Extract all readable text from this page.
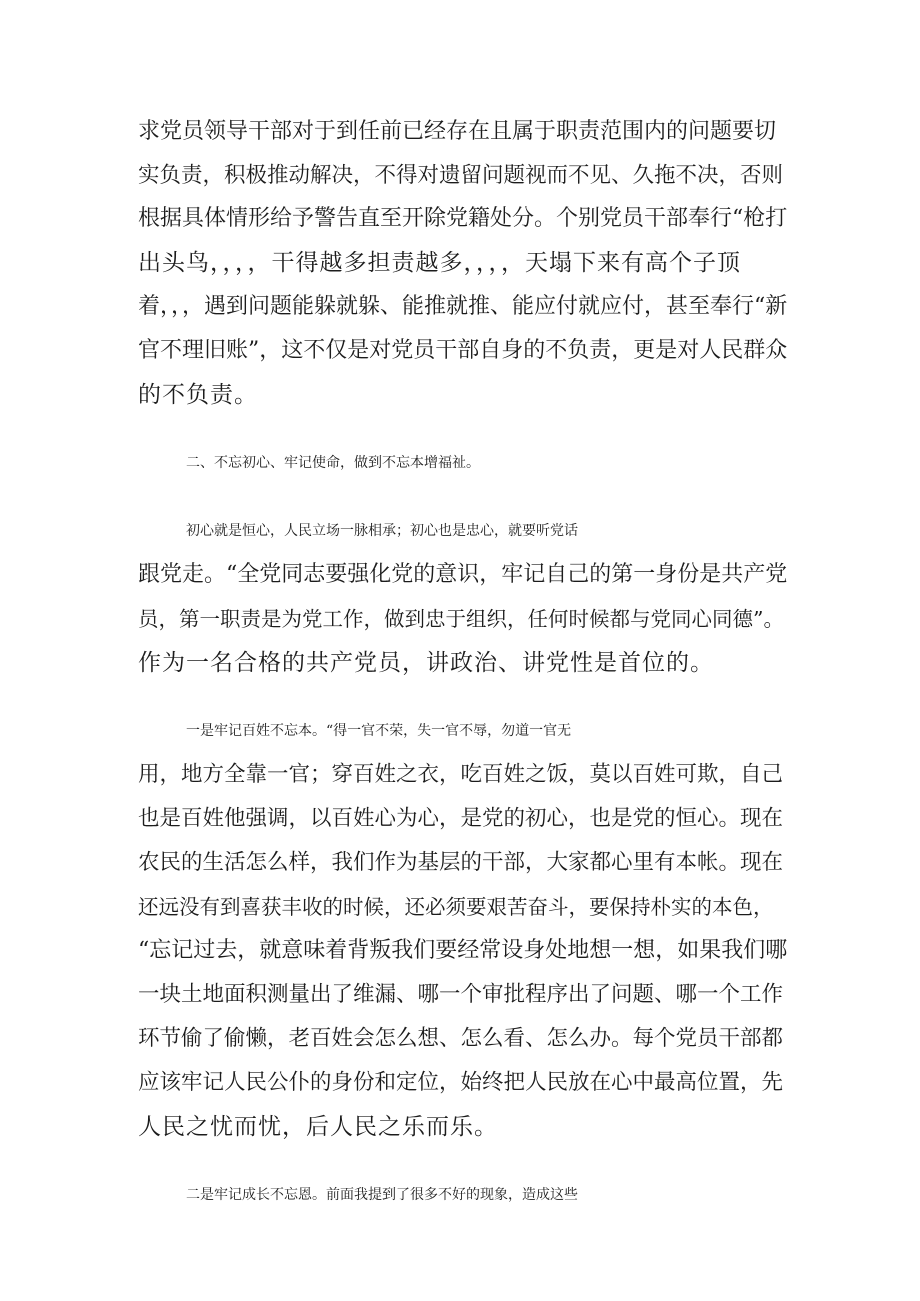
求党员领导干部对于到任前已经存在且属于职责范围内的问题要切

实负责，积极推动解决，不得对遗留问题视而不见、久拖不决，否则

根据具体情形给予警告直至开除党籍处分。个别党员干部奉行“枪打

出头鸟，，，，干得越多担责越多，，，，天塌下来有高个子顶

着，，，遇到问题能躲就躲、能推就推、能应付就应付，甚至奉行“新

官不理旧账”，这不仅是对党员干部自身的不负责，更是对人民群众

的不负责。

二、不忘初心、牢记使命，做到不忘本增福祉。

初心就是恒心，人民立场一脉相承；初心也是忠心，就要听党话

跟党走。“全党同志要强化党的意识，牢记自己的第一身份是共产党

员，第一职责是为党工作，做到忠于组织，任何时候都与党同心同德”。

作为一名合格的共产党员，讲政治、讲党性是首位的。

一是牢记百姓不忘本。“得一官不荣，失一官不辱，勿道一官无

用，地方全靠一官；穿百姓之衣，吃百姓之饭，莫以百姓可欺，自己

也是百姓他强调，以百姓心为心，是党的初心，也是党的恒心。现在

农民的生活怎么样，我们作为基层的干部，大家都心里有本帐。现在

还远没有到喜获丰收的时候，还必须要艰苦奋斗，要保持朴实的本色，

“忘记过去，就意味着背叛我们要经常设身处地想一想，如果我们哪

一块土地面积测量出了维漏、哪一个审批程序出了问题、哪一个工作

环节偷了偷懒，老百姓会怎么想、怎么看、怎么办。每个党员干部都

应该牢记人民公仆的身份和定位，始终把人民放在心中最高位置，先

人民之忧而忧，后人民之乐而乐。

二是牢记成长不忘恩。前面我提到了很多不好的现象，造成这些
